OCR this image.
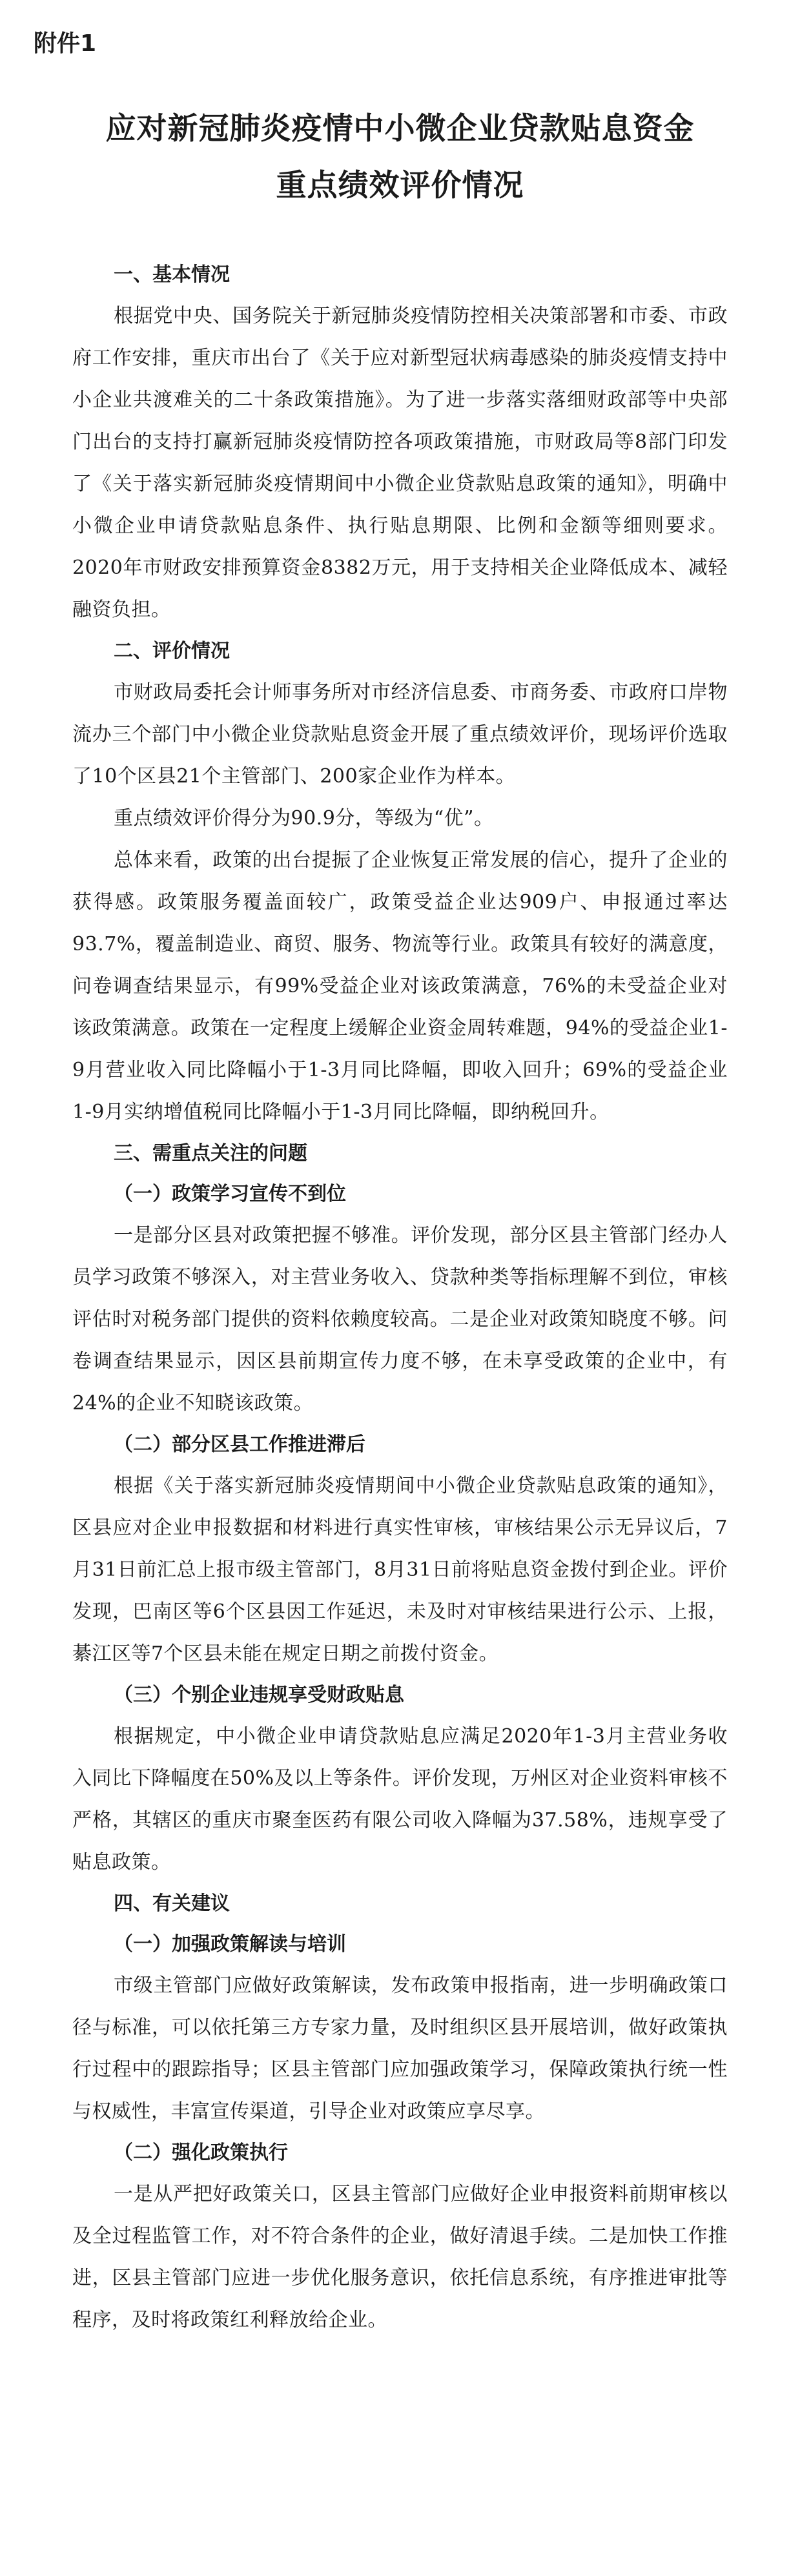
附件1
应对新冠肺炎疫情中小微企业贷款贴息资金
重点绩效评价情况

一、基本情况

根据党中央、国务院关于新冠肺炎疫情防控相关决策部署和市委、市政府工作安排，重庆市出台了《关于应对新型冠状病毒感染的肺炎疫情支持中小企业共渡难关的二十条政策措施》。为了进一步落实落细财政部等中央部门出台的支持打赢新冠肺炎疫情防控各项政策措施，市财政局等8部门印发了《关于落实新冠肺炎疫情期间中小微企业贷款贴息政策的通知》，明确中小微企业申请贷款贴息条件、执行贴息期限、比例和金额等细则要求。2020年市财政安排预算资金8382万元，用于支持相关企业降低成本、减轻融资负担。

二、评价情况

市财政局委托会计师事务所对市经济信息委、市商务委、市政府口岸物流办三个部门中小微企业贷款贴息资金开展了重点绩效评价，现场评价选取了10个区县21个主管部门、200家企业作为样本。

重点绩效评价得分为90.9分，等级为“优”。

总体来看，政策的出台提振了企业恢复正常发展的信心，提升了企业的获得感。政策服务覆盖面较广，政策受益企业达909户、申报通过率达93.7%，覆盖制造业、商贸、服务、物流等行业。政策具有较好的满意度，问卷调查结果显示，有99%受益企业对该政策满意，76%的未受益企业对该政策满意。政策在一定程度上缓解企业资金周转难题，94%的受益企业1-9月营业收入同比降幅小于1-3月同比降幅，即收入回升；69%的受益企业1-9月实纳增值税同比降幅小于1-3月同比降幅，即纳税回升。

三、需重点关注的问题

（一）政策学习宣传不到位

一是部分区县对政策把握不够准。评价发现，部分区县主管部门经办人员学习政策不够深入，对主营业务收入、贷款种类等指标理解不到位，审核评估时对税务部门提供的资料依赖度较高。二是企业对政策知晓度不够。问卷调查结果显示，因区县前期宣传力度不够，在未享受政策的企业中，有24%的企业不知晓该政策。

（二）部分区县工作推进滞后

根据《关于落实新冠肺炎疫情期间中小微企业贷款贴息政策的通知》，区县应对企业申报数据和材料进行真实性审核，审核结果公示无异议后，7月31日前汇总上报市级主管部门，8月31日前将贴息资金拨付到企业。评价发现，巴南区等6个区县因工作延迟，未及时对审核结果进行公示、上报，綦江区等7个区县未能在规定日期之前拨付资金。

（三）个别企业违规享受财政贴息

根据规定，中小微企业申请贷款贴息应满足2020年1-3月主营业务收入同比下降幅度在50%及以上等条件。评价发现，万州区对企业资料审核不严格，其辖区的重庆市聚奎医药有限公司收入降幅为37.58%，违规享受了贴息政策。

四、有关建议

（一）加强政策解读与培训

市级主管部门应做好政策解读，发布政策申报指南，进一步明确政策口径与标准，可以依托第三方专家力量，及时组织区县开展培训，做好政策执行过程中的跟踪指导；区县主管部门应加强政策学习，保障政策执行统一性与权威性，丰富宣传渠道，引导企业对政策应享尽享。

（二）强化政策执行

一是从严把好政策关口，区县主管部门应做好企业申报资料前期审核以及全过程监管工作，对不符合条件的企业，做好清退手续。二是加快工作推进，区县主管部门应进一步优化服务意识，依托信息系统，有序推进审批等程序，及时将政策红利释放给企业。
